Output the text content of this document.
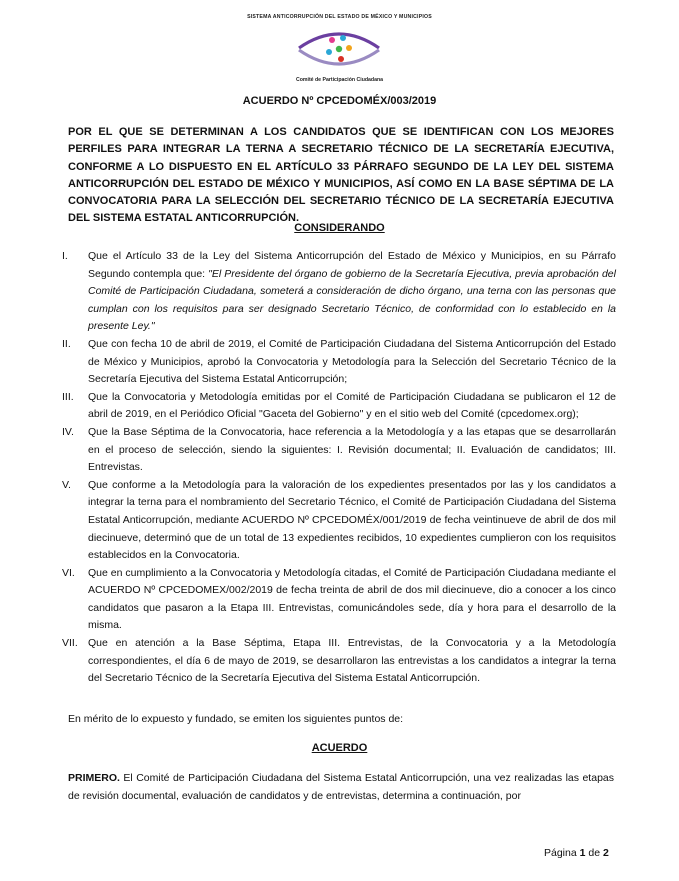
SISTEMA ANTICORRUPCIÓN DEL ESTADO DE MÉXICO Y MUNICIPIOS
Comité de Participación Ciudadana
ACUERDO Nº CPCEDOMÉX/003/2019
POR EL QUE SE DETERMINAN A LOS CANDIDATOS QUE SE IDENTIFICAN CON LOS MEJORES PERFILES PARA INTEGRAR LA TERNA A SECRETARIO TÉCNICO DE LA SECRETARÍA EJECUTIVA, CONFORME A LO DISPUESTO EN EL ARTÍCULO 33 PÁRRAFO SEGUNDO DE LA LEY DEL SISTEMA ANTICORRUPCIÓN DEL ESTADO DE MÉXICO Y MUNICIPIOS, ASÍ COMO EN LA BASE SÉPTIMA DE LA CONVOCATORIA PARA LA SELECCIÓN DEL SECRETARIO TÉCNICO DE LA SECRETARÍA EJECUTIVA DEL SISTEMA ESTATAL ANTICORRUPCIÓN.
CONSIDERANDO
I.	Que el Artículo 33 de la Ley del Sistema Anticorrupción del Estado de México y Municipios, en su Párrafo Segundo contempla que: "El Presidente del órgano de gobierno de la Secretaría Ejecutiva, previa aprobación del Comité de Participación Ciudadana, someterá a consideración de dicho órgano, una terna con las personas que cumplan con los requisitos para ser designado Secretario Técnico, de conformidad con lo establecido en la presente Ley."
II.	Que con fecha 10 de abril de 2019, el Comité de Participación Ciudadana del Sistema Anticorrupción del Estado de México y Municipios, aprobó la Convocatoria y Metodología para la Selección del Secretario Técnico de la Secretaría Ejecutiva del Sistema Estatal Anticorrupción;
III.	Que la Convocatoria y Metodología emitidas por el Comité de Participación Ciudadana se publicaron el 12 de abril de 2019, en el Periódico Oficial "Gaceta del Gobierno" y en el sitio web del Comité (cpcedomex.org);
IV.	Que la Base Séptima de la Convocatoria, hace referencia a la Metodología y a las etapas que se desarrollarán en el proceso de selección, siendo la siguientes: I. Revisión documental; II. Evaluación de candidatos; III. Entrevistas.
V.	Que conforme a la Metodología para la valoración de los expedientes presentados por las y los candidatos a integrar la terna para el nombramiento del Secretario Técnico, el Comité de Participación Ciudadana del Sistema Estatal Anticorrupción, mediante ACUERDO Nº CPCEDOMÉX/001/2019 de fecha veintinueve de abril de dos mil diecinueve, determinó que de un total de 13 expedientes recibidos, 10 expedientes cumplieron con los requisitos establecidos en la Convocatoria.
VI.	Que en cumplimiento a la Convocatoria y Metodología citadas, el Comité de Participación Ciudadana mediante el ACUERDO Nº CPCEDOMEX/002/2019 de fecha treinta de abril de dos mil diecinueve, dio a conocer a los cinco candidatos que pasaron a la Etapa III. Entrevistas, comunicándoles sede, día y hora para el desarrollo de la misma.
VII. Que en atención a la Base Séptima, Etapa III. Entrevistas, de la Convocatoria y a la Metodología correspondientes, el día 6 de mayo de 2019, se desarrollaron las entrevistas a los candidatos a integrar la terna del Secretario Técnico de la Secretaría Ejecutiva del Sistema Estatal Anticorrupción.
En mérito de lo expuesto y fundado, se emiten los siguientes puntos de:
ACUERDO
PRIMERO. El Comité de Participación Ciudadana del Sistema Estatal Anticorrupción, una vez realizadas las etapas de revisión documental, evaluación de candidatos y de entrevistas, determina a continuación, por
Página 1 de 2
